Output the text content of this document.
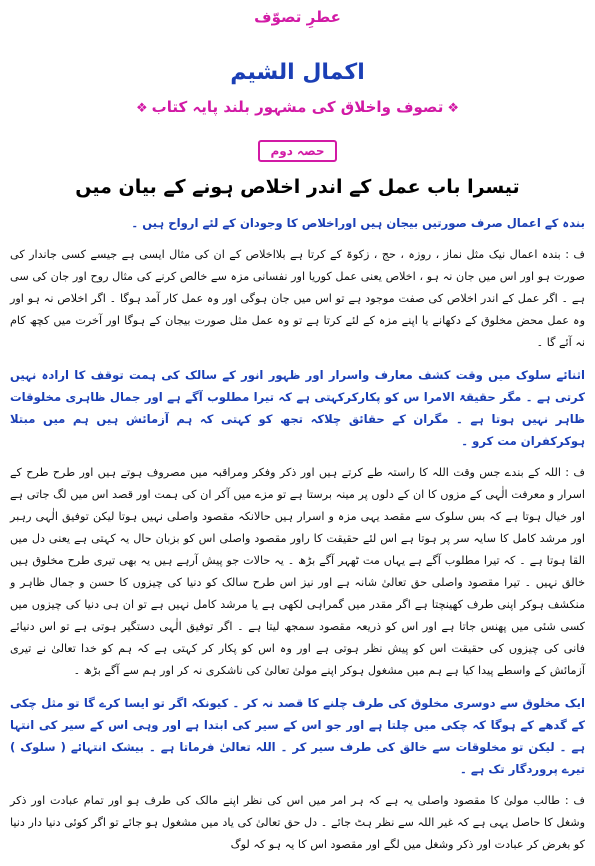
عطرِ تصوّف
اکمال الشیم
❖تصوف واخلاق کی مشہور بلند پایہ کتاب❖
حصہ دوم
تیسرا باب عمل کے اندر اخلاص ہونے کے بیان میں

بندہ کے اعمال صرف صورتیں بیجان ہیں اوراخلاص کا وجودان کے لئے ارواح ہیں ۔

ف : بندہ اعمال نیک مثل نماز ، روزہ ، حج ، زکوۃ کے کرتا ہے بلااخلاص کے ان کی مثال ایسی ہے جیسے کسی جاندار کی صورت ہو اور اس میں جان نہ ہو ، اخلاص یعنی عمل کوریا اور نفسانی مزہ سے خالص کرنے کی مثال روح اور جان کی سی ہے ۔ اگر عمل کے اندر اخلاص کی صفت موجود ہے تو اس میں جان ہوگی اور وہ عمل کار آمد ہوگا ۔ اگر اخلاص نہ ہو اور وہ عمل محض مخلوق کے دکھانے یا اپنے مزہ کے لئے کرتا ہے تو وہ عمل مثل صورت بیجان کے ہوگا اور آخرت میں کچھ کام نہ آئے گا ۔

اثنائے سلوک میں وقت کشف معارف واسرار اور ظہور انور کے سالک کی ہمت توقف کا ارادہ نہیں کرتی ہے ۔ مگر حقیقۃ الامرا س کو پکارکرکہتی ہے کہ تیرا مطلوب آگے ہے اور جمال ظاہری مخلوقات ظاہر نہیں ہوتا ہے ۔ مگران کے حقائق چلاکہ تجھ کو کہتی کہ ہم آزمائش ہیں ہم میں مبتلا ہوکرکفران مت کرو ۔

ف : اللہ کے بندے جس وقت اللہ کا راستہ طے کرتے ہیں اور ذکر وفکر ومراقبہ میں مصروف ہوتے ہیں اور طرح طرح کے اسرار و معرفت الٰہی کے مزوں کا ان کے دلوں پر مینہ برستا ہے تو مزے میں آکر ان کی ہمت اور قصد اس میں لگ جاتی ہے اور خیال ہوتا ہے کہ بس سلوک سے مقصد یہی مزہ و اسرار ہیں حالانکہ مقصود واصلی نہیں ہوتا لیکن توفیق الٰہی رہبر اور مرشد کامل کا سایہ سر پر ہوتا ہے اس لئے حقیقت کا راور مقصود واصلی اس کو بزبان حال یہ کہتی ہے یعنی دل میں القا ہوتا ہے ۔ کہ تیرا مطلوب آگے ہے یہاں مت ٹھہر آگے بڑھ ۔ یہ حالات جو پیش آرہے ہیں یہ بھی تیری طرح مخلوق ہیں خالق نہیں ۔ تیرا مقصود واصلی حق تعالیٰ شانہ ہے اور نیز اس طرح سالک کو دنیا کی چیزوں کا حسن و جمال ظاہر و منکشف ہوکر اپنی طرف کھینچتا ہے اگر مقدر میں گمراہی لکھی ہے یا مرشد کامل نہیں ہے تو ان ہی دنیا کی چیزوں میں کسی شئی میں پھنس جاتا ہے اور اس کو ذریعہ مقصود سمجھ لیتا ہے ۔ اگر توفیق الٰہی دستگیر ہوتی ہے تو اس دنیائے فانی کی چیزوں کی حقیقت اس کو پیش نظر ہوتی ہے اور وہ اس کو پکار کر کہتی ہے کہ ہم کو خدا تعالیٰ نے تیری آزمائش کے واسطے پیدا کیا ہے ہم میں مشغول ہوکر اپنے مولیٰ تعالیٰ کی ناشکری نہ کر اور ہم سے آگے بڑھ ۔

ایک مخلوق سے دوسری مخلوق کی طرف چلنے کا قصد نہ کر ۔ کیونکہ اگر تو ایسا کرے گا تو مثل چکی کے گدھے کے ہوگا کہ چکی میں چلتا ہے اور جو اس کے سیر کی ابتدا ہے اور وہی اس کے سیر کی انتہا ہے ۔ لیکن تو مخلوقات سے خالق کی طرف سیر کر ۔ اللہ تعالیٰ فرماتا ہے ۔ بیشک انتہائے ( سلوک ) تیرے پروردگار تک ہے ۔

ف : طالب مولیٰ کا مقصود واصلی یہ ہے کہ ہر امر میں اس کی نظر اپنے مالک کی طرف ہو اور تمام عبادت اور ذکر وشغل کا حاصل یہی ہے کہ غیر اللہ سے نظر ہٹ جائے ۔ دل حق تعالیٰ کی یاد میں مشغول ہو جائے تو اگر کوئی دنیا دار دنیا کو بغرض کر عبادت اور ذکر وشغل میں لگے اور مقصود اس کا یہ ہو کہ لوگ
